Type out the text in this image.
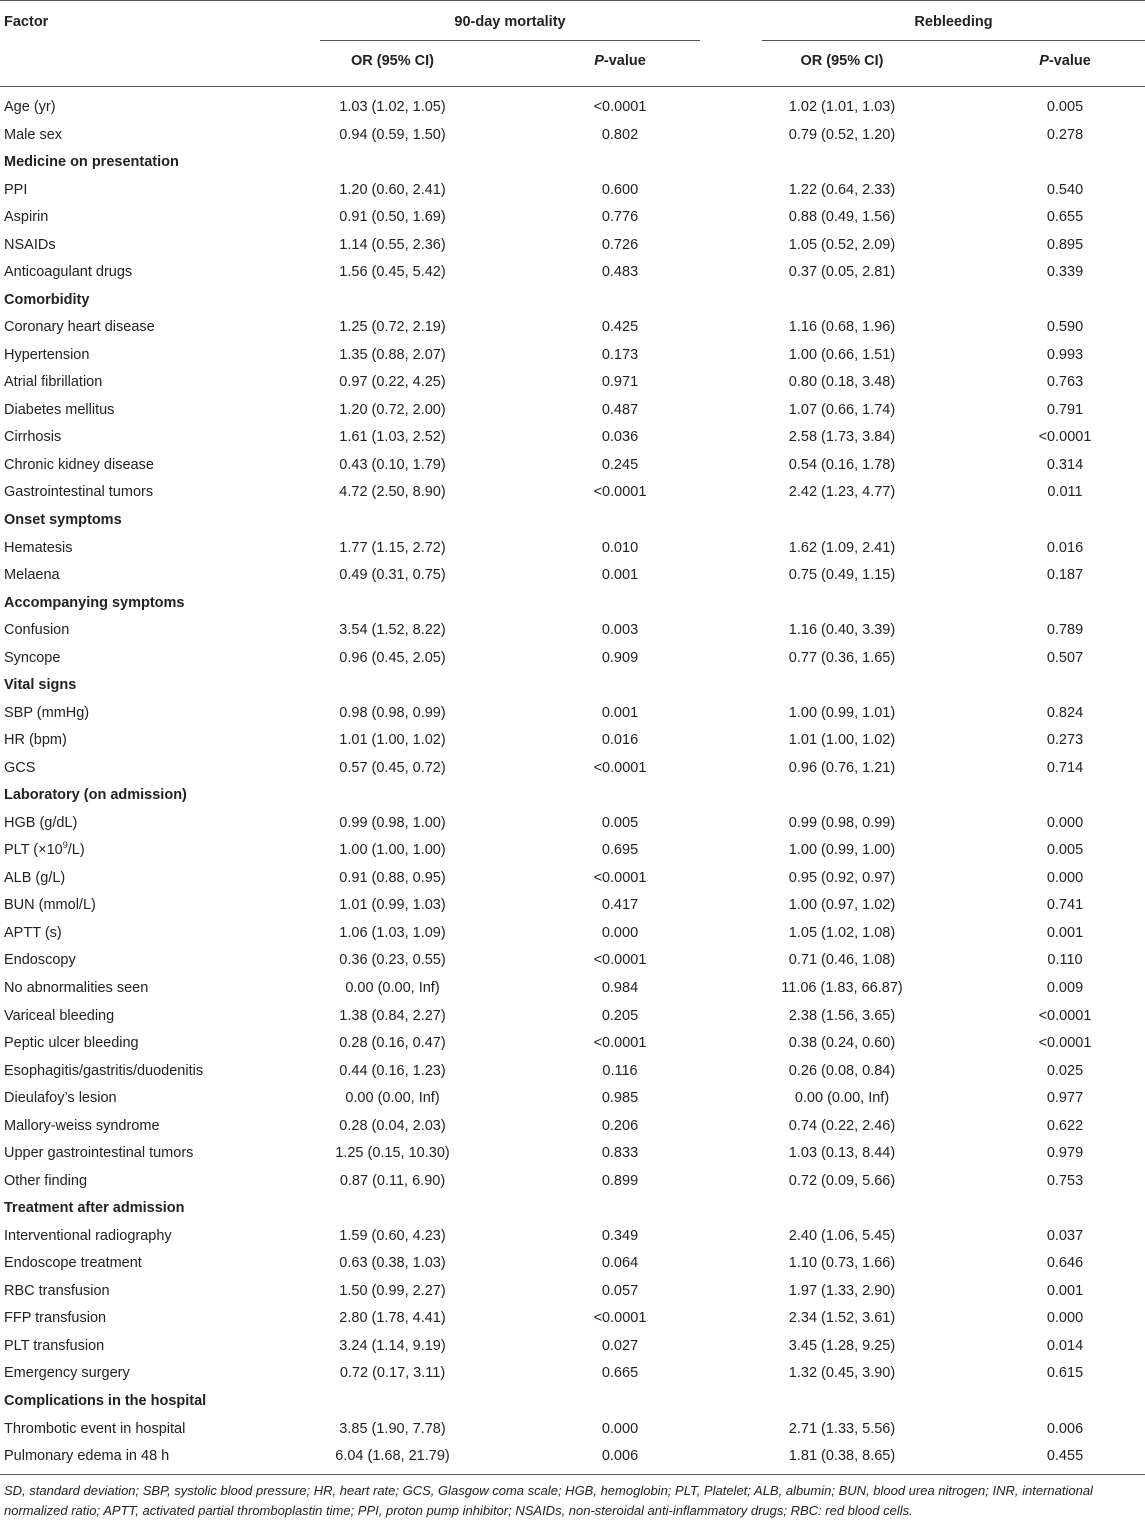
Factor	90-day mortality	Rebleeding
OR (95% CI)	P-value	OR (95% CI)	P-value
Age (yr)	1.03 (1.02, 1.05)	<0.0001	1.02 (1.01, 1.03)	0.005
Male sex	0.94 (0.59, 1.50)	0.802	0.79 (0.52, 1.20)	0.278
Medicine on presentation
PPI	1.20 (0.60, 2.41)	0.600	1.22 (0.64, 2.33)	0.540
Aspirin	0.91 (0.50, 1.69)	0.776	0.88 (0.49, 1.56)	0.655
NSAIDs	1.14 (0.55, 2.36)	0.726	1.05 (0.52, 2.09)	0.895
Anticoagulant drugs	1.56 (0.45, 5.42)	0.483	0.37 (0.05, 2.81)	0.339
Comorbidity
Coronary heart disease	1.25 (0.72, 2.19)	0.425	1.16 (0.68, 1.96)	0.590
Hypertension	1.35 (0.88, 2.07)	0.173	1.00 (0.66, 1.51)	0.993
Atrial fibrillation	0.97 (0.22, 4.25)	0.971	0.80 (0.18, 3.48)	0.763
Diabetes mellitus	1.20 (0.72, 2.00)	0.487	1.07 (0.66, 1.74)	0.791
Cirrhosis	1.61 (1.03, 2.52)	0.036	2.58 (1.73, 3.84)	<0.0001
Chronic kidney disease	0.43 (0.10, 1.79)	0.245	0.54 (0.16, 1.78)	0.314
Gastrointestinal tumors	4.72 (2.50, 8.90)	<0.0001	2.42 (1.23, 4.77)	0.011
Onset symptoms
Hematesis	1.77 (1.15, 2.72)	0.010	1.62 (1.09, 2.41)	0.016
Melaena	0.49 (0.31, 0.75)	0.001	0.75 (0.49, 1.15)	0.187
Accompanying symptoms
Confusion	3.54 (1.52, 8.22)	0.003	1.16 (0.40, 3.39)	0.789
Syncope	0.96 (0.45, 2.05)	0.909	0.77 (0.36, 1.65)	0.507
Vital signs
SBP (mmHg)	0.98 (0.98, 0.99)	0.001	1.00 (0.99, 1.01)	0.824
HR (bpm)	1.01 (1.00, 1.02)	0.016	1.01 (1.00, 1.02)	0.273
GCS	0.57 (0.45, 0.72)	<0.0001	0.96 (0.76, 1.21)	0.714
Laboratory (on admission)
HGB (g/dL)	0.99 (0.98, 1.00)	0.005	0.99 (0.98, 0.99)	0.000
PLT $(\times 10^9/L)$	1.00 (1.00, 1.00)	0.695	1.00 (0.99, 1.00)	0.005
ALB (g/L)	0.91 (0.88, 0.95)	<0.0001	0.95 (0.92, 0.97)	0.000
BUN (mmol/L)	1.01 (0.99, 1.03)	0.417	1.00 (0.97, 1.02)	0.741
APTT (s)	1.06 (1.03, 1.09)	0.000	1.05 (1.02, 1.08)	0.001
Endoscopy	0.36 (0.23, 0.55)	<0.0001	0.71 (0.46, 1.08)	0.110
No abnormalities seen	0.00 (0.00, Inf)	0.984	11.06 (1.83, 66.87)	0.009
Variceal bleeding	1.38 (0.84, 2.27)	0.205	2.38 (1.56, 3.65)	<0.0001
Peptic ulcer bleeding	0.28 (0.16, 0.47)	<0.0001	0.38 (0.24, 0.60)	<0.0001
Esophagitis/gastritis/duodenitis	0.44 (0.16, 1.23)	0.116	0.26 (0.08, 0.84)	0.025
Dieulafoy’s lesion	0.00 (0.00, Inf)	0.985	0.00 (0.00, Inf)	0.977
Mallory-weiss syndrome	0.28 (0.04, 2.03)	0.206	0.74 (0.22, 2.46)	0.622
Upper gastrointestinal tumors	1.25 (0.15, 10.30)	0.833	1.03 (0.13, 8.44)	0.979
Other finding	0.87 (0.11, 6.90)	0.899	0.72 (0.09, 5.66)	0.753
Treatment after admission
Interventional radiography	1.59 (0.60, 4.23)	0.349	2.40 (1.06, 5.45)	0.037
Endoscope treatment	0.63 (0.38, 1.03)	0.064	1.10 (0.73, 1.66)	0.646
RBC transfusion	1.50 (0.99, 2.27)	0.057	1.97 (1.33, 2.90)	0.001
FFP transfusion	2.80 (1.78, 4.41)	<0.0001	2.34 (1.52, 3.61)	0.000
PLT transfusion	3.24 (1.14, 9.19)	0.027	3.45 (1.28, 9.25)	0.014
Emergency surgery	0.72 (0.17, 3.11)	0.665	1.32 (0.45, 3.90)	0.615
Complications in the hospital
Thrombotic event in hospital	3.85 (1.90, 7.78)	0.000	2.71 (1.33, 5.56)	0.006
Pulmonary edema in 48 h	6.04 (1.68, 21.79)	0.006	1.81 (0.38, 8.65)	0.455
SD, standard deviation; SBP, systolic blood pressure; HR, heart rate; GCS, Glasgow coma scale; HGB, hemoglobin; PLT, Platelet; ALB, albumin; BUN, blood urea nitrogen; INR, international normalized ratio; APTT, activated partial thromboplastin time; PPI, proton pump inhibitor; NSAIDs, non-steroidal anti-inflammatory drugs; RBC: red blood cells.
